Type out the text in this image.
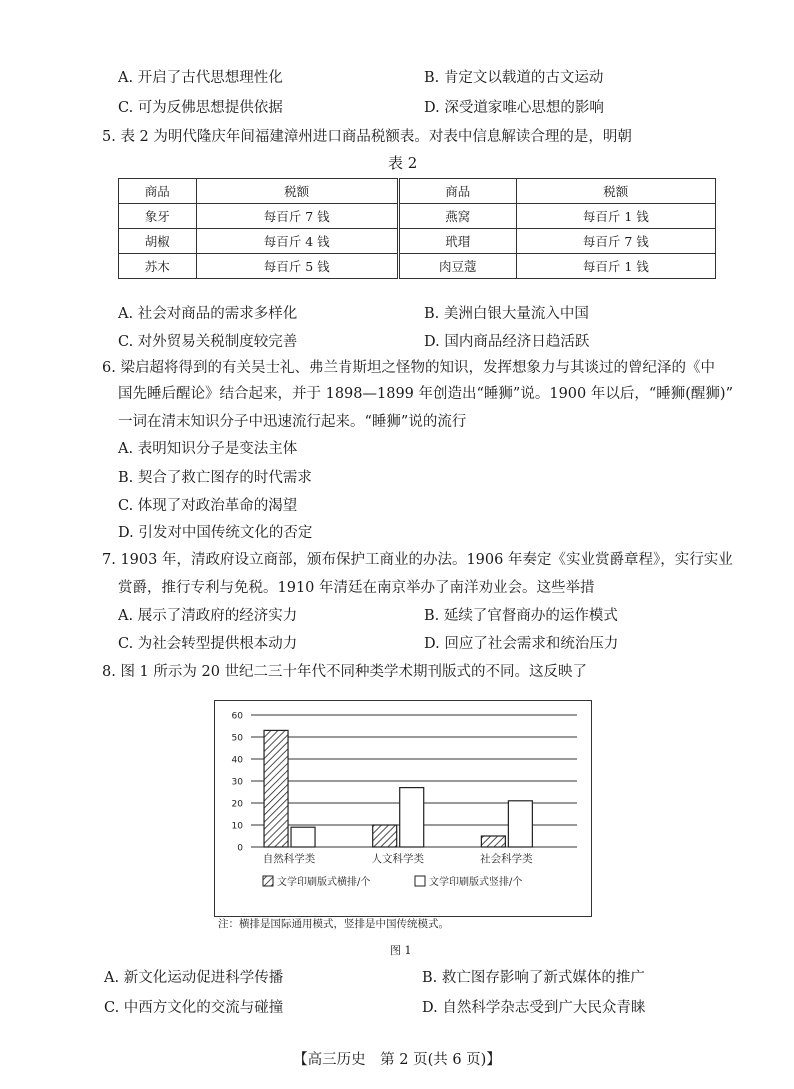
A. 开启了古代思想理性化	B. 肯定文以载道的古文运动
C. 可为反佛思想提供依据	D. 深受道家唯心思想的影响
5. 表 2 为明代隆庆年间福建漳州进口商品税额表。对表中信息解读合理的是，明朝
表 2
商品	税额	商品	税额
象牙	每百斤 7 钱	燕窝	每百斤 1 钱
胡椒	每百斤 4 钱	玳瑁	每百斤 7 钱
苏木	每百斤 5 钱	肉豆蔻	每百斤 1 钱
A. 社会对商品的需求多样化	B. 美洲白银大量流入中国
C. 对外贸易关税制度较完善	D. 国内商品经济日趋活跃
6. 梁启超将得到的有关吴士礼、弗兰肯斯坦之怪物的知识，发挥想象力与其谈过的曾纪泽的《中
国先睡后醒论》结合起来，并于 1898—1899 年创造出“睡狮”说。1900 年以后，“睡狮(醒狮)”
一词在清末知识分子中迅速流行起来。“睡狮”说的流行
A. 表明知识分子是变法主体
B. 契合了救亡图存的时代需求
C. 体现了对政治革命的渴望
D. 引发对中国传统文化的否定
7. 1903 年，清政府设立商部，颁布保护工商业的办法。1906 年奏定《实业赏爵章程》，实行实业
赏爵，推行专利与免税。1910 年清廷在南京举办了南洋劝业会。这些举措
A. 展示了清政府的经济实力	B. 延续了官督商办的运作模式
C. 为社会转型提供根本动力	D. 回应了社会需求和统治压力
8. 图 1 所示为 20 世纪二三十年代不同种类学术期刊版式的不同。这反映了
0
10
20
30
40
50
60
自然科学类	人文科学类	社会科学类
文学印刷版式横排/个	文学印刷版式竖排/个
注：横排是国际通用模式，竖排是中国传统模式。
图 1
A. 新文化运动促进科学传播	B. 救亡图存影响了新式媒体的推广
C. 中西方文化的交流与碰撞	D. 自然科学杂志受到广大民众青睐
【高三历史　第 2 页(共 6 页)】
